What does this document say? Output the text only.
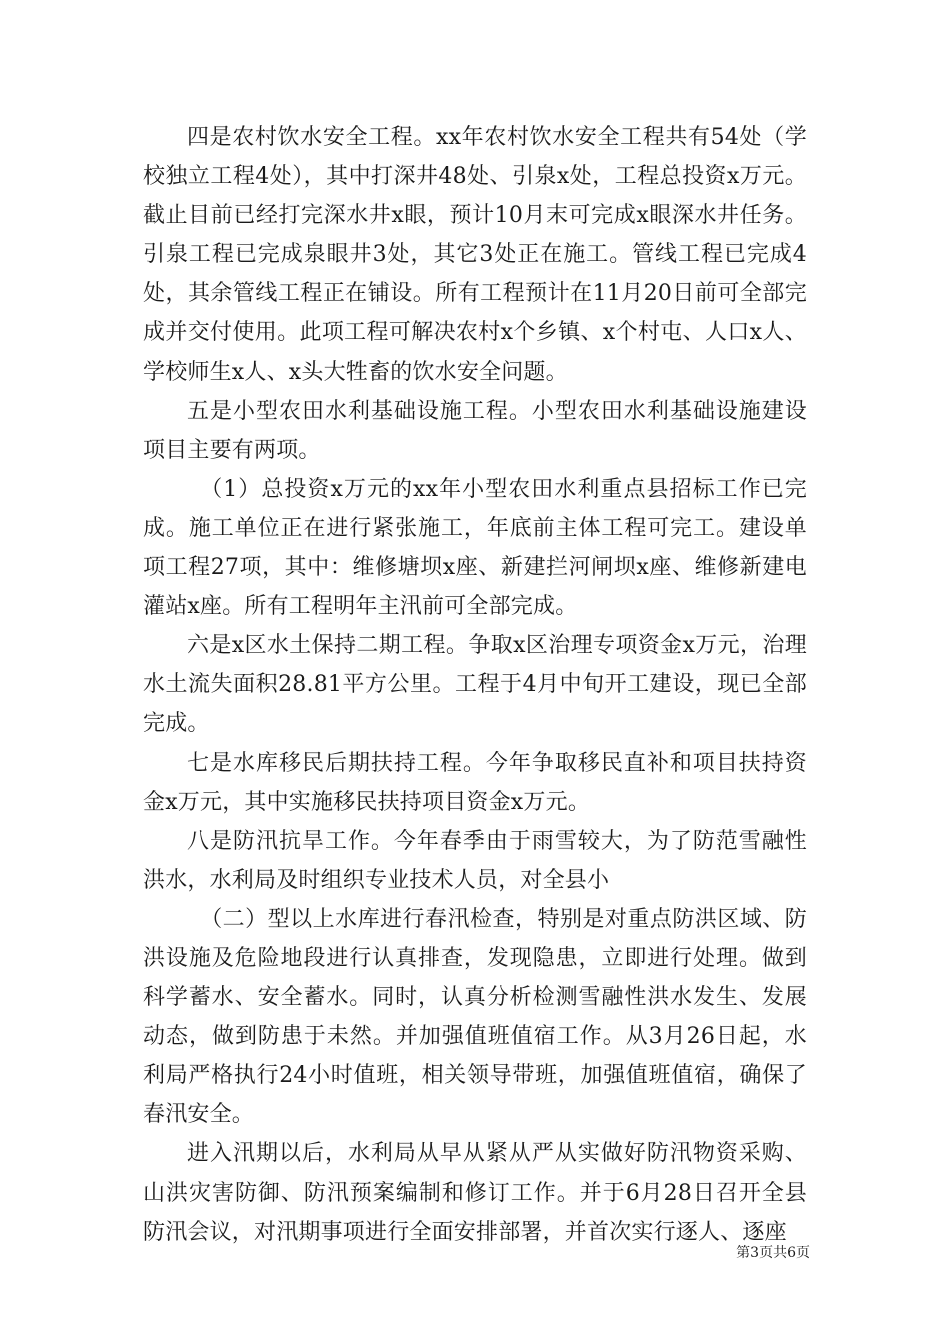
四是农村饮水安全工程。xx年农村饮水安全工程共有54处（学校独立工程4处），其中打深井48处、引泉x处，工程总投资x万元。截止目前已经打完深水井x眼，预计10月末可完成x眼深水井任务。引泉工程已完成泉眼井3处，其它3处正在施工。管线工程已完成4处，其余管线工程正在铺设。所有工程预计在11月20日前可全部完成并交付使用。此项工程可解决农村x个乡镇、x个村屯、人口x人、学校师生x人、x头大牲畜的饮水安全问题。

五是小型农田水利基础设施工程。小型农田水利基础设施建设项目主要有两项。

（1）总投资x万元的xx年小型农田水利重点县招标工作已完成。施工单位正在进行紧张施工，年底前主体工程可完工。建设单项工程27项，其中：维修塘坝x座、新建拦河闸坝x座、维修新建电灌站x座。所有工程明年主汛前可全部完成。

六是x区水土保持二期工程。争取x区治理专项资金x万元，治理水土流失面积28.81平方公里。工程于4月中旬开工建设，现已全部完成。

七是水库移民后期扶持工程。今年争取移民直补和项目扶持资金x万元，其中实施移民扶持项目资金x万元。

八是防汛抗旱工作。今年春季由于雨雪较大，为了防范雪融性洪水，水利局及时组织专业技术人员，对全县小

（二）型以上水库进行春汛检查，特别是对重点防洪区域、防洪设施及危险地段进行认真排查，发现隐患，立即进行处理。做到科学蓄水、安全蓄水。同时，认真分析检测雪融性洪水发生、发展动态，做到防患于未然。并加强值班值宿工作。从3月26日起，水利局严格执行24小时值班，相关领导带班，加强值班值宿，确保了春汛安全。

进入汛期以后，水利局从早从紧从严从实做好防汛物资采购、山洪灾害防御、防汛预案编制和修订工作。并于6月28日召开全县防汛会议，对汛期事项进行全面安排部署，并首次实行逐人、逐座

第3页共6页
